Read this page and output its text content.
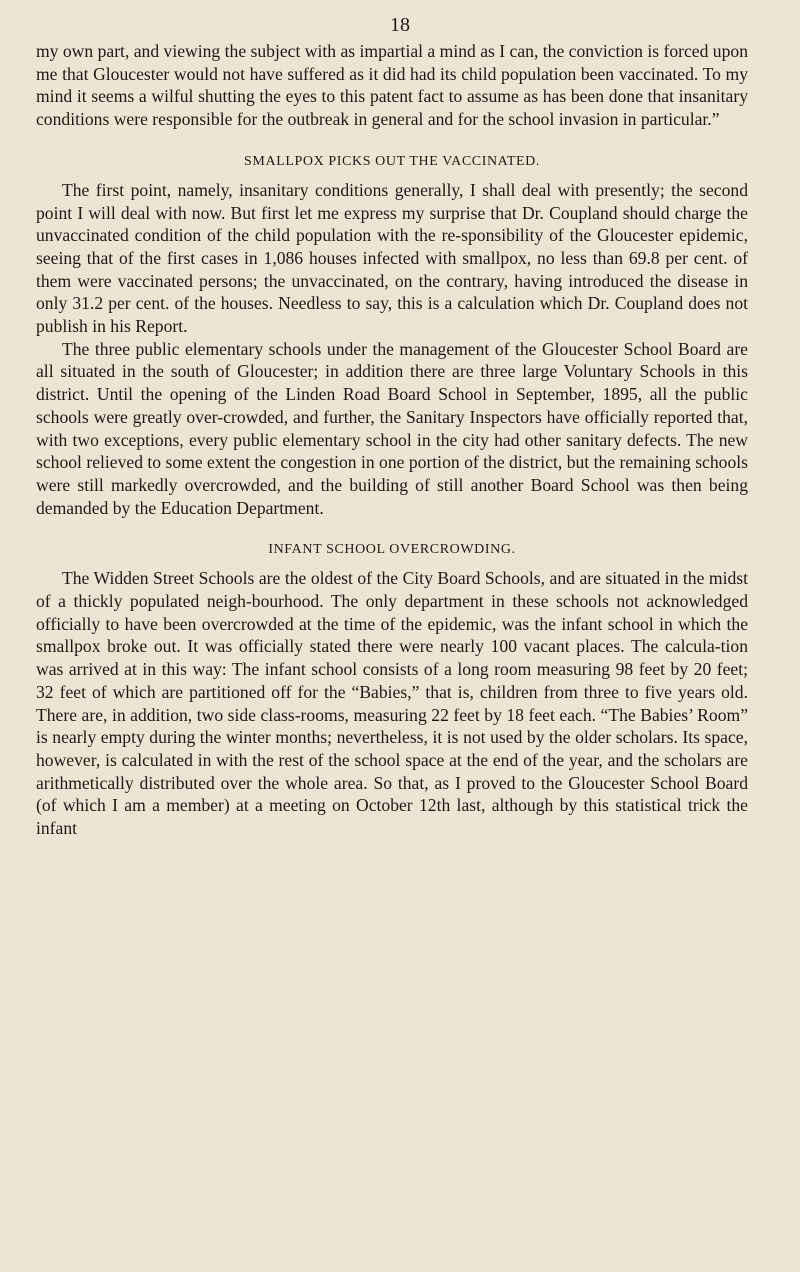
18

my own part, and viewing the subject with as impartial a mind as I can, the conviction is forced upon me that Gloucester would not have suffered as it did had its child population been vaccinated. To my mind it seems a wilful shutting the eyes to this patent fact to assume as has been done that insanitary conditions were responsible for the outbreak in general and for the school invasion in particular.”

SMALLPOX PICKS OUT THE VACCINATED.

The first point, namely, insanitary conditions generally, I shall deal with presently; the second point I will deal with now. But first let me express my surprise that Dr. Coupland should charge the unvaccinated condition of the child population with the re-sponsibility of the Gloucester epidemic, seeing that of the first cases in 1,086 houses infected with smallpox, no less than 69.8 per cent. of them were vaccinated persons; the unvaccinated, on the contrary, having introduced the disease in only 31.2 per cent. of the houses. Needless to say, this is a calculation which Dr. Coupland does not publish in his Report.

The three public elementary schools under the management of the Gloucester School Board are all situated in the south of Gloucester; in addition there are three large Voluntary Schools in this district. Until the opening of the Linden Road Board School in September, 1895, all the public schools were greatly over-crowded, and further, the Sanitary Inspectors have officially reported that, with two exceptions, every public elementary school in the city had other sanitary defects. The new school relieved to some extent the congestion in one portion of the district, but the remaining schools were still markedly overcrowded, and the building of still another Board School was then being demanded by the Education Department.

INFANT SCHOOL OVERCROWDING.

The Widden Street Schools are the oldest of the City Board Schools, and are situated in the midst of a thickly populated neigh-bourhood. The only department in these schools not acknowledged officially to have been overcrowded at the time of the epidemic, was the infant school in which the smallpox broke out. It was officially stated there were nearly 100 vacant places. The calcula-tion was arrived at in this way: The infant school consists of a long room measuring 98 feet by 20 feet; 32 feet of which are partitioned off for the “Babies,” that is, children from three to five years old. There are, in addition, two side class-rooms, measuring 22 feet by 18 feet each. “The Babies’ Room” is nearly empty during the winter months; nevertheless, it is not used by the older scholars. Its space, however, is calculated in with the rest of the school space at the end of the year, and the scholars are arithmetically distributed over the whole area. So that, as I proved to the Gloucester School Board (of which I am a member) at a meeting on October 12th last, although by this statistical trick the infant
